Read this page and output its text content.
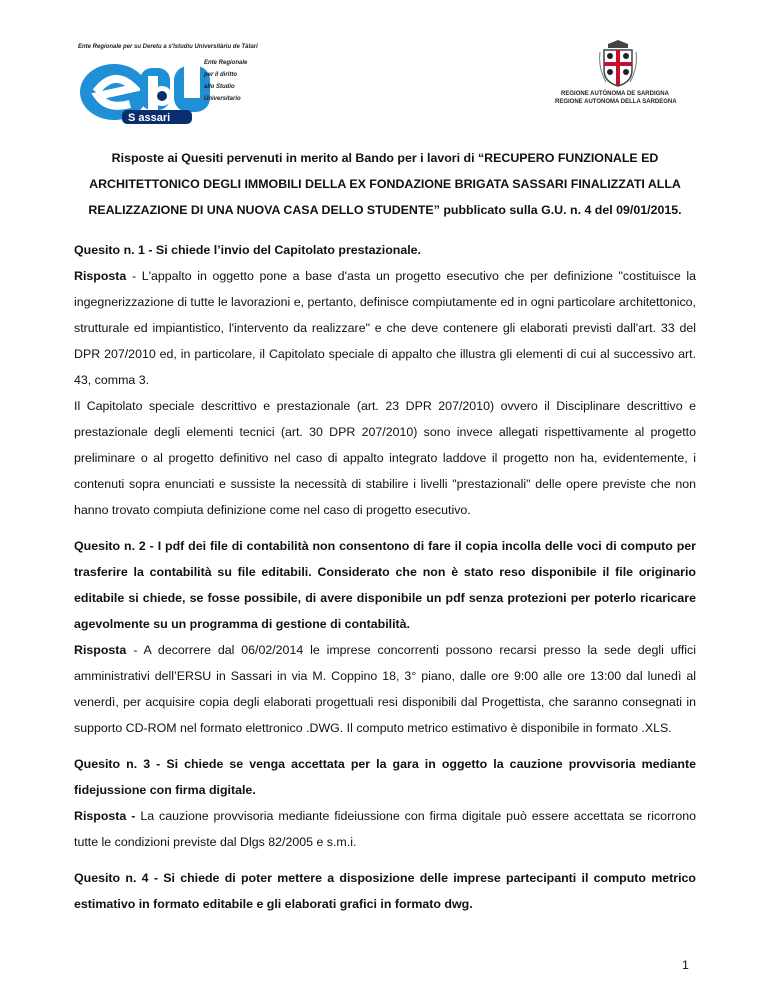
Ente Regionale per su Deretu a s'Istudiu Universitàriu de Tàtari
S assari
Ente Regionale
per il diritto
allo Studio
Universitario
REGIONE AUTÒNOMA DE SARDIGNA
REGIONE AUTONOMA DELLA SARDEGNA

Risposte ai Quesiti pervenuti in merito al Bando per i lavori di “RECUPERO FUNZIONALE ED

ARCHITETTONICO DEGLI IMMOBILI DELLA EX FONDAZIONE BRIGATA SASSARI FINALIZZATI ALLA

REALIZZAZIONE DI UNA NUOVA CASA DELLO STUDENTE” pubblicato sulla G.U. n. 4 del 09/01/2015.

Quesito n. 1 - Si chiede l’invio del Capitolato prestazionale.

Risposta - L'appalto in oggetto pone a base d'asta un progetto esecutivo che per definizione "costituisce la ingegnerizzazione di tutte le lavorazioni e, pertanto, definisce compiutamente ed in ogni particolare architettonico, strutturale ed impiantistico, l'intervento da realizzare" e che deve contenere gli elaborati previsti dall'art. 33 del DPR 207/2010 ed, in particolare, il Capitolato speciale di appalto che illustra gli elementi di cui al successivo art. 43, comma 3.

Il Capitolato speciale descrittivo e prestazionale (art. 23 DPR 207/2010) ovvero il Disciplinare descrittivo e prestazionale degli elementi tecnici (art. 30 DPR 207/2010) sono invece allegati rispettivamente al progetto preliminare o al progetto definitivo nel caso di appalto integrato laddove il progetto non ha, evidentemente, i contenuti sopra enunciati e sussiste la necessità di stabilire i livelli "prestazionali" delle opere previste che non hanno trovato compiuta definizione come nel caso di progetto esecutivo.

Quesito n. 2 - I pdf dei file di contabilità non consentono di fare il copia incolla delle voci di computo per trasferire la contabilità su file editabili. Considerato che non è stato reso disponibile il file originario editabile si chiede, se fosse possibile, di avere disponibile un pdf senza protezioni per poterlo ricaricare agevolmente su un programma di gestione di contabilità.

Risposta - A decorrere dal 06/02/2014 le imprese concorrenti possono recarsi presso la sede degli uffici amministrativi dell’ERSU in Sassari in via M. Coppino 18, 3° piano, dalle ore 9:00 alle ore 13:00 dal lunedì al venerdì, per acquisire copia degli elaborati progettuali resi disponibili dal Progettista, che saranno consegnati in supporto CD-ROM nel formato elettronico .DWG. Il computo metrico estimativo è disponibile in formato .XLS.

Quesito n. 3 - Si chiede se venga accettata per la gara in oggetto la cauzione provvisoria mediante fidejussione con firma digitale.

Risposta - La cauzione provvisoria mediante fideiussione con firma digitale può essere accettata se ricorrono tutte le condizioni previste dal Dlgs 82/2005 e s.m.i.

Quesito n. 4 - Si chiede di poter mettere a disposizione delle imprese partecipanti il computo metrico estimativo in formato editabile e gli elaborati grafici in formato dwg.

1
